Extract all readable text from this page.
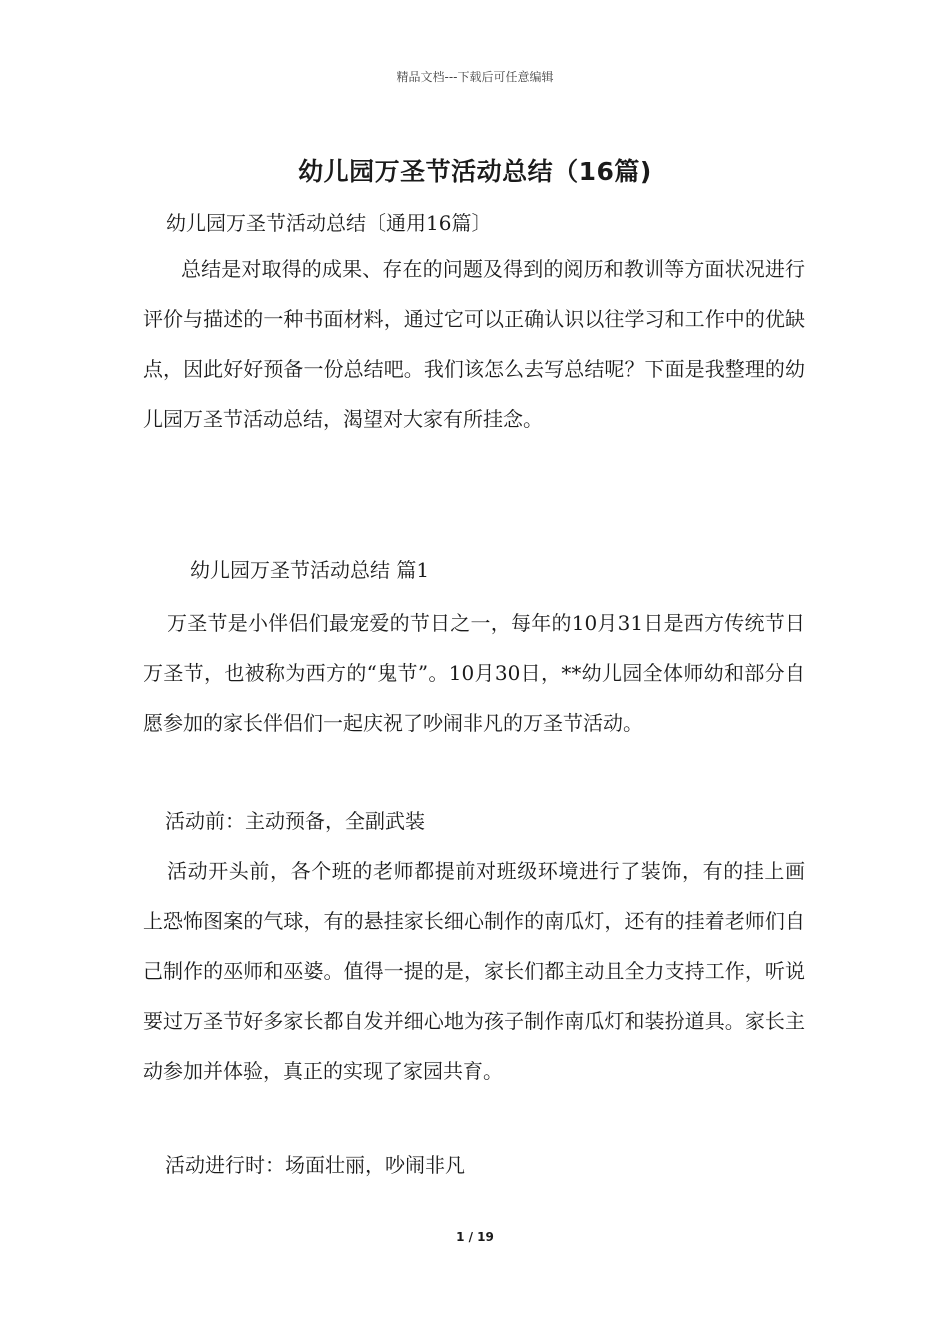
精品文档---下载后可任意编辑
幼儿园万圣节活动总结（16篇)
幼儿园万圣节活动总结〔通用16篇〕
总结是对取得的成果、存在的问题及得到的阅历和教训等方面状况进行评价与描述的一种书面材料，通过它可以正确认识以往学习和工作中的优缺点，因此好好预备一份总结吧。我们该怎么去写总结呢？下面是我整理的幼儿园万圣节活动总结，渴望对大家有所挂念。
幼儿园万圣节活动总结 篇1
万圣节是小伴侣们最宠爱的节日之一，每年的10月31日是西方传统节日万圣节，也被称为西方的“鬼节”。10月30日，**幼儿园全体师幼和部分自愿参加的家长伴侣们一起庆祝了吵闹非凡的万圣节活动。
活动前：主动预备，全副武装
活动开头前，各个班的老师都提前对班级环境进行了装饰，有的挂上画上恐怖图案的气球，有的悬挂家长细心制作的南瓜灯，还有的挂着老师们自己制作的巫师和巫婆。值得一提的是，家长们都主动且全力支持工作，听说要过万圣节好多家长都自发并细心地为孩子制作南瓜灯和装扮道具。家长主动参加并体验，真正的实现了家园共育。
活动进行时：场面壮丽，吵闹非凡
1 / 19
